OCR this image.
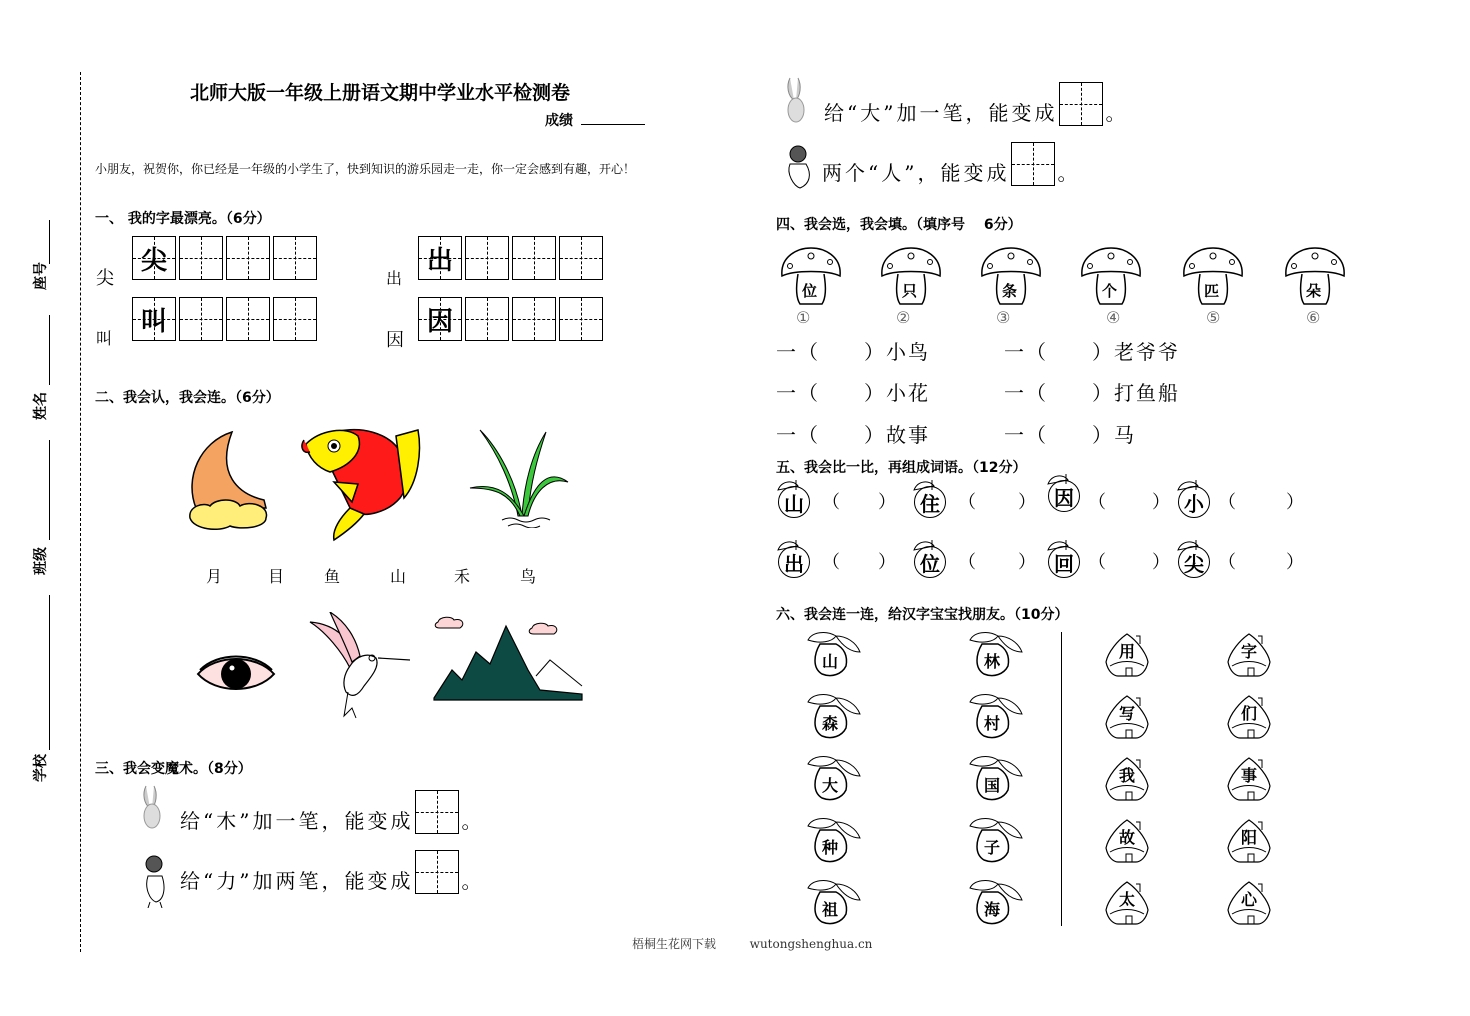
座号
姓名
班级
学校
北师大版一年级上册语文期中学业水平检测卷
成绩
小朋友，祝贺你，你已经是一年级的小学生了，快到知识的游乐园走一走，你一定会感到有趣，开心！
一、 我的字最漂亮。（6分）
尖
尖
出
出
叫
叫
因
因
二、我会认，我会连。（6分）
月	目 鱼	山	禾	鸟
三、我会变魔术。（8分）
给“木”加一笔，能变成 。
给“力”加两笔，能变成 。
给“大”加一笔，能变成 。
两个“人”，能变成 。
四、我会选，我会填。（填序号　 6分）
位	只	条	个	匹	朵
①	②	③	④	⑤	⑥
一（　　）小鸟	一（　　）老爷爷
一（　　）小花	一（　　）打鱼船
一（　　）故事	一（　　）马
五、我会比一比，再组成词语。（12分）
山	（ ）	住	（ ） 因 （	） 小 （	）
出	（ ）	位	（ ） 回 （	） 尖 （	）
六、我会连一连，给汉字宝宝找朋友。（10分）
山
森
大
种
祖
林
村
国
子
海
用
写
我
故
太
字
们
事
阳
心
梧桐生花网下载	wutongshenghua.cn
